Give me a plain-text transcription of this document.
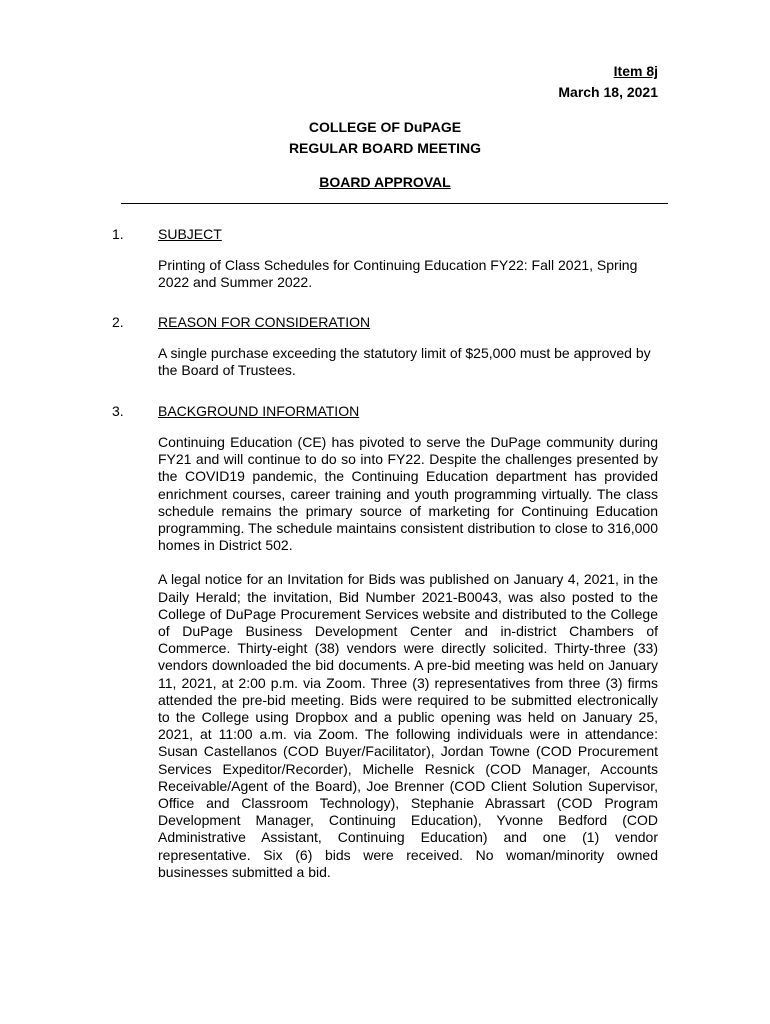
Item 8j
March 18, 2021
COLLEGE OF DuPAGE
REGULAR BOARD MEETING
BOARD APPROVAL
1. SUBJECT
Printing of Class Schedules for Continuing Education FY22: Fall 2021, Spring 2022 and Summer 2022.
2. REASON FOR CONSIDERATION
A single purchase exceeding the statutory limit of $25,000 must be approved by the Board of Trustees.
3. BACKGROUND INFORMATION
Continuing Education (CE) has pivoted to serve the DuPage community during FY21 and will continue to do so into FY22. Despite the challenges presented by the COVID19 pandemic, the Continuing Education department has provided enrichment courses, career training and youth programming virtually. The class schedule remains the primary source of marketing for Continuing Education programming. The schedule maintains consistent distribution to close to 316,000 homes in District 502.
A legal notice for an Invitation for Bids was published on January 4, 2021, in the Daily Herald; the invitation, Bid Number 2021-B0043, was also posted to the College of DuPage Procurement Services website and distributed to the College of DuPage Business Development Center and in-district Chambers of Commerce. Thirty-eight (38) vendors were directly solicited. Thirty-three (33) vendors downloaded the bid documents. A pre-bid meeting was held on January 11, 2021, at 2:00 p.m. via Zoom. Three (3) representatives from three (3) firms attended the pre-bid meeting. Bids were required to be submitted electronically to the College using Dropbox and a public opening was held on January 25, 2021, at 11:00 a.m. via Zoom. The following individuals were in attendance: Susan Castellanos (COD Buyer/Facilitator), Jordan Towne (COD Procurement Services Expeditor/Recorder), Michelle Resnick (COD Manager, Accounts Receivable/Agent of the Board), Joe Brenner (COD Client Solution Supervisor, Office and Classroom Technology), Stephanie Abrassart (COD Program Development Manager, Continuing Education), Yvonne Bedford (COD Administrative Assistant, Continuing Education) and one (1) vendor representative. Six (6) bids were received. No woman/minority owned businesses submitted a bid.
